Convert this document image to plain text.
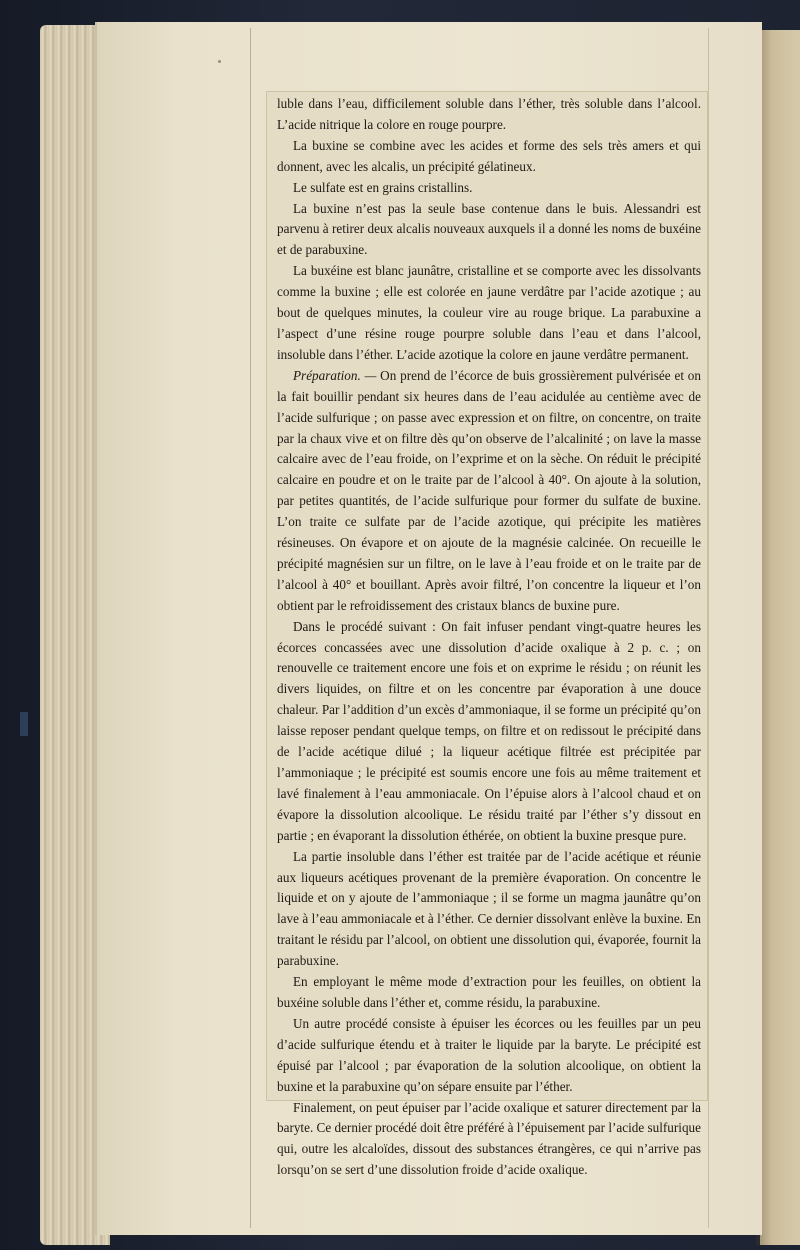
luble dans l’eau, difficilement soluble dans l’éther, très soluble dans l’alcool. L’acide nitrique la colore en rouge pourpre.

La buxine se combine avec les acides et forme des sels très amers et qui donnent, avec les alcalis, un précipité gélatineux.

Le sulfate est en grains cristallins.

La buxine n’est pas la seule base contenue dans le buis. Alessandri est parvenu à retirer deux alcalis nouveaux auxquels il a donné les noms de buxéine et de parabuxine.

La buxéine est blanc jaunâtre, cristalline et se comporte avec les dissolvants comme la buxine ; elle est colorée en jaune verdâtre par l’acide azotique ; au bout de quelques minutes, la couleur vire au rouge brique. La parabuxine a l’aspect d’une résine rouge pourpre soluble dans l’eau et dans l’alcool, insoluble dans l’éther. L’acide azotique la colore en jaune verdâtre permanent.

Préparation. — On prend de l’écorce de buis grossièrement pulvérisée et on la fait bouillir pendant six heures dans de l’eau acidulée au centième avec de l’acide sulfurique ; on passe avec expression et on filtre, on concentre, on traite par la chaux vive et on filtre dès qu’on observe de l’alcalinité ; on lave la masse calcaire avec de l’eau froide, on l’exprime et on la sèche. On réduit le précipité calcaire en poudre et on le traite par de l’alcool à 40°. On ajoute à la solution, par petites quantités, de l’acide sulfurique pour former du sulfate de buxine. L’on traite ce sulfate par de l’acide azotique, qui précipite les matières résineuses. On évapore et on ajoute de la magnésie calcinée. On recueille le précipité magnésien sur un filtre, on le lave à l’eau froide et on le traite par de l’alcool à 40° et bouillant. Après avoir filtré, l’on concentre la liqueur et l’on obtient par le refroidissement des cristaux blancs de buxine pure.

Dans le procédé suivant : On fait infuser pendant vingt-quatre heures les écorces concassées avec une dissolution d’acide oxalique à 2 p. c. ; on renouvelle ce traitement encore une fois et on exprime le résidu ; on réunit les divers liquides, on filtre et on les concentre par évaporation à une douce chaleur. Par l’addition d’un excès d’ammoniaque, il se forme un précipité qu’on laisse reposer pendant quelque temps, on filtre et on redissout le précipité dans de l’acide acétique dilué ; la liqueur acétique filtrée est précipitée par l’ammoniaque ; le précipité est soumis encore une fois au même traitement et lavé finalement à l’eau ammoniacale. On l’épuise alors à l’alcool chaud et on évapore la dissolution alcoolique. Le résidu traité par l’éther s’y dissout en partie ; en évaporant la dissolution éthérée, on obtient la buxine presque pure.

La partie insoluble dans l’éther est traitée par de l’acide acétique et réunie aux liqueurs acétiques provenant de la première évaporation. On concentre le liquide et on y ajoute de l’ammoniaque ; il se forme un magma jaunâtre qu’on lave à l’eau ammoniacale et à l’éther. Ce dernier dissolvant enlève la buxine. En traitant le résidu par l’alcool, on obtient une dissolution qui, évaporée, fournit la parabuxine.

En employant le même mode d’extraction pour les feuilles, on obtient la buxéine soluble dans l’éther et, comme résidu, la parabuxine.

Un autre procédé consiste à épuiser les écorces ou les feuilles par un peu d’acide sulfurique étendu et à traiter le liquide par la baryte. Le précipité est épuisé par l’alcool ; par évaporation de la solution alcoolique, on obtient la buxine et la parabuxine qu’on sépare ensuite par l’éther.

Finalement, on peut épuiser par l’acide oxalique et saturer directement par la baryte. Ce dernier procédé doit être préféré à l’épuisement par l’acide sulfurique qui, outre les alcaloïdes, dissout des substances étrangères, ce qui n’arrive pas lorsqu’on se sert d’une dissolution froide d’acide oxalique.
